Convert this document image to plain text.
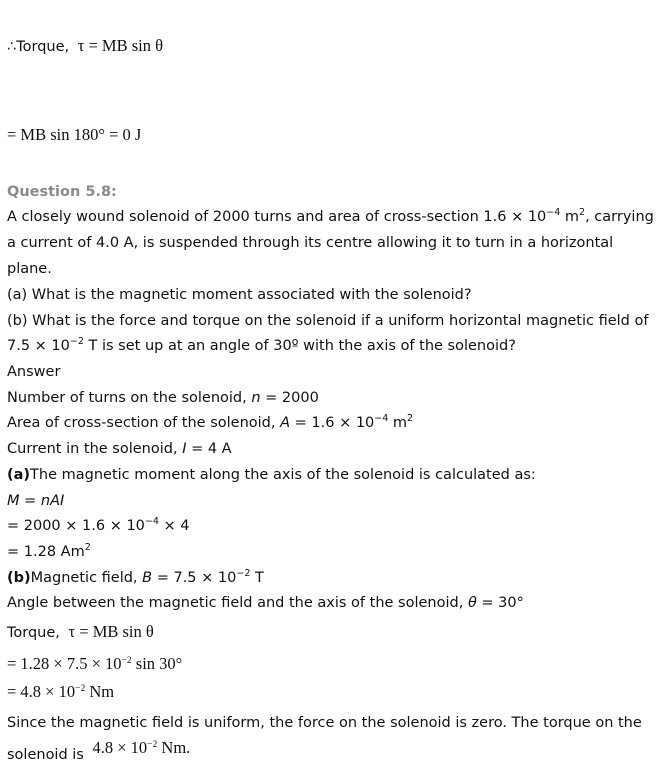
∴Torque, τ = MB sin θ
= MB sin 180° = 0 J
Question 5.8:
A closely wound solenoid of 2000 turns and area of cross-section $1.6 \times 10^{-4}$ $m^2$, carrying
a current of 4.0 A, is suspended through its centre allowing it to turn in a horizontal
plane.
(a) What is the magnetic moment associated with the solenoid?
(b) What is the force and torque on the solenoid if a uniform horizontal magnetic field of
$7.5 \times 10^{-2}$ T is set up at an angle of 30º with the axis of the solenoid?
Answer
Number of turns on the solenoid, n = 2000
Area of cross-section of the solenoid, $A = 1.6 \times 10^{-4}$ $m^2$
Current in the solenoid, I = 4 A
(a)The magnetic moment along the axis of the solenoid is calculated as:
M = nAI
= $2000 \times 1.6 \times 10^{-4} \times 4$
= 1.28 Am$^2$
(b)Magnetic field, $B = 7.5 \times 10^{-2}$ T
Angle between the magnetic field and the axis of the solenoid, θ = 30°
Torque, τ = MB sin θ
= $1.28 \times 7.5 \times 10^{-2}$ sin 30°
= $4.8 \times 10^{-2}$ Nm
Since the magnetic field is uniform, the force on the solenoid is zero. The torque on the
solenoid is $4.8 \times 10^{-2}$ Nm.
